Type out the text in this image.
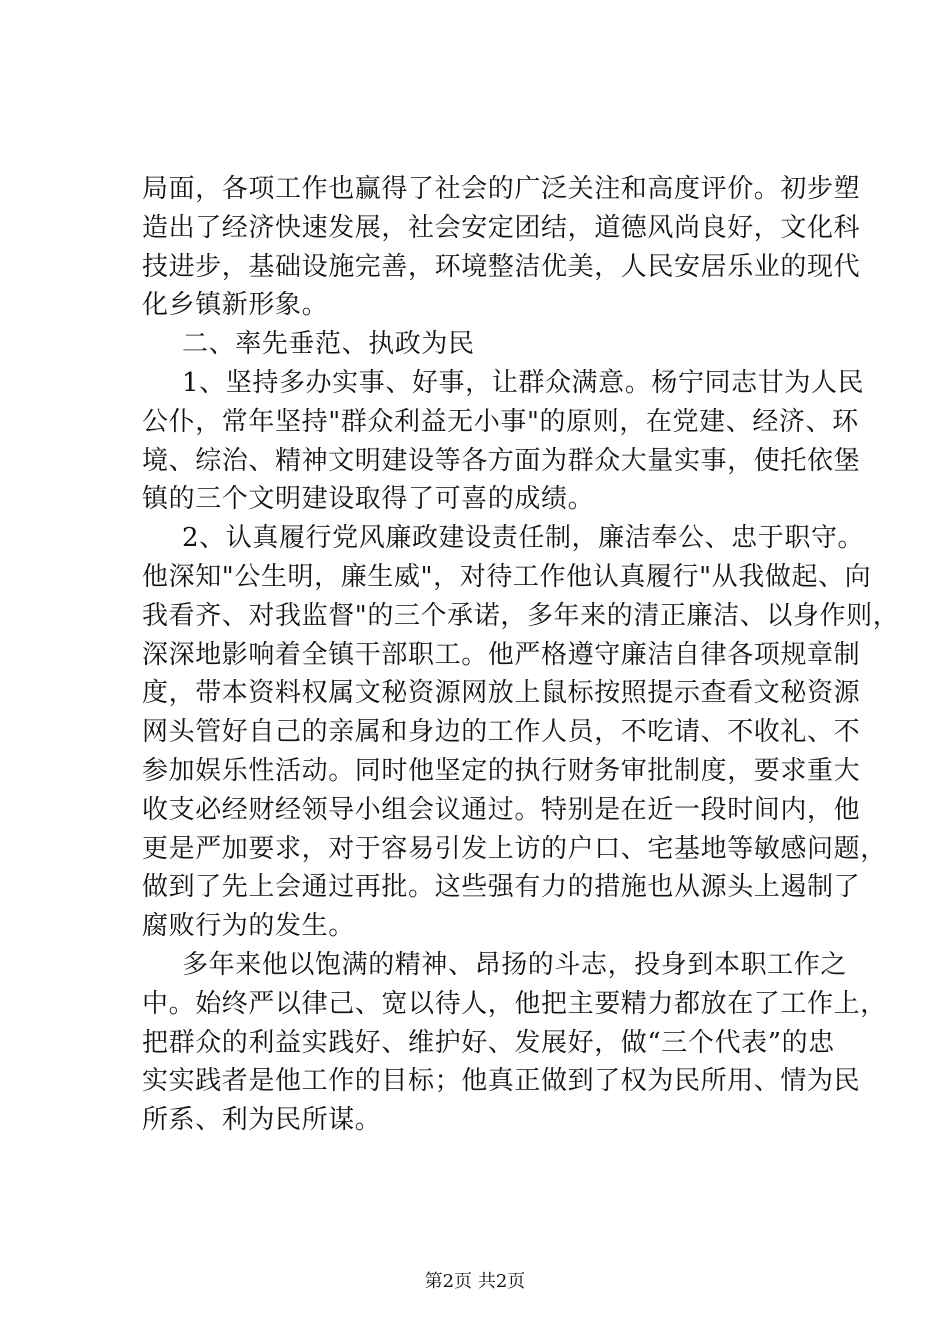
局面，各项工作也赢得了社会的广泛关注和高度评价。初步塑
造出了经济快速发展，社会安定团结，道德风尚良好，文化科
技进步，基础设施完善，环境整洁优美，人民安居乐业的现代
化乡镇新形象。
二、率先垂范、执政为民
1、坚持多办实事、好事，让群众满意。杨宁同志甘为人民
公仆，常年坚持"群众利益无小事"的原则，在党建、经济、环
境、综治、精神文明建设等各方面为群众大量实事，使托依堡
镇的三个文明建设取得了可喜的成绩。
2、认真履行党风廉政建设责任制，廉洁奉公、忠于职守。
他深知"公生明，廉生威"，对待工作他认真履行"从我做起、向
我看齐、对我监督"的三个承诺，多年来的清正廉洁、以身作则，
深深地影响着全镇干部职工。他严格遵守廉洁自律各项规章制
度，带本资料权属文秘资源网放上鼠标按照提示查看文秘资源
网头管好自己的亲属和身边的工作人员，不吃请、不收礼、不
参加娱乐性活动。同时他坚定的执行财务审批制度，要求重大
收支必经财经领导小组会议通过。特别是在近一段时间内，他
更是严加要求，对于容易引发上访的户口、宅基地等敏感问题，
做到了先上会通过再批。这些强有力的措施也从源头上遏制了
腐败行为的发生。
多年来他以饱满的精神、昂扬的斗志，投身到本职工作之
中。始终严以律己、宽以待人，他把主要精力都放在了工作上，
把群众的利益实践好、维护好、发展好，做“三个代表”的忠
实实践者是他工作的目标；他真正做到了权为民所用、情为民
所系、利为民所谋。
第2页 共2页
